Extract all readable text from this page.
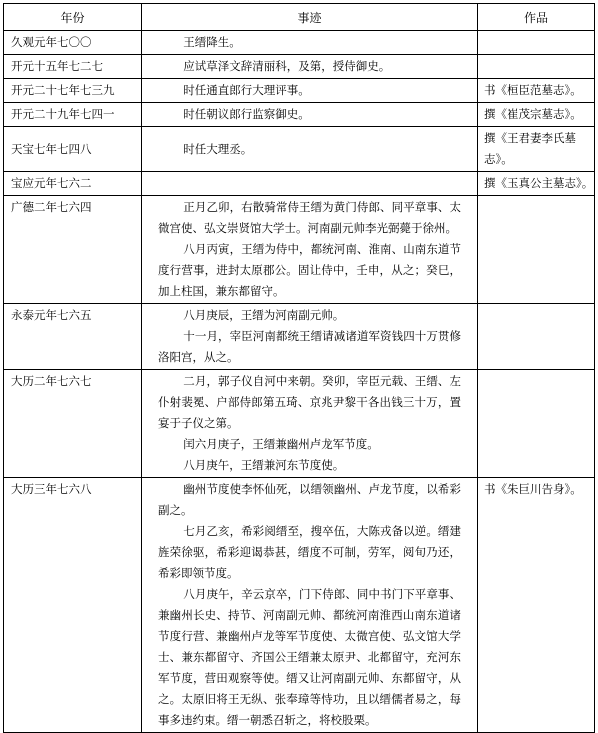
年份	事迹	作品
久观元年七〇〇	王缙降生。	

开元十五年七二七	应试草泽文辞清丽科，及第，授侍御史。	

开元二十七年七三九	时任通直郎行大理评事。	书《桓臣范墓志》。
开元二十九年七四一	时任朝议郎行监察御史。	撰《崔茂宗墓志》。
天宝七年七四八	时任大理丞。	撰《王君妻李氏墓志》。
宝应元年七六二		撰《玉真公主墓志》。
广德二年七六四	正月乙卯，右散骑常侍王缙为黄门侍郎、同平章事、太微宫使、弘文崇贤馆大学士。河南副元帅李光弼薨于徐州。

八月丙寅，王缙为侍中，都统河南、淮南、山南东道节度行营事，进封太原郡公。固让侍中，壬申，从之；癸巳，加上柱国，兼东都留守。	

永泰元年七六五	八月庚辰，王缙为河南副元帅。

十一月，宰臣河南都统王缙请减诸道军资钱四十万贯修洛阳宫，从之。	

大历二年七六七	二月，郭子仪自河中来朝。癸卯，宰臣元载、王缙、左仆射裴冕、户部侍郎第五琦、京兆尹黎干各出钱三十万，置宴于子仪之第。

闰六月庚子，王缙兼幽州卢龙军节度。

八月庚午，王缙兼河东节度使。	

大历三年七六八	幽州节度使李怀仙死，以缙领幽州、卢龙节度，以希彩副之。

七月乙亥，希彩阅缙至，搜卒伍，大陈戎备以逆。缙建旌荣徐驱，希彩迎谒恭甚，缙度不可制，劳军，阅旬乃还，希彩即领节度。

八月庚午，辛云京卒，门下侍郎、同中书门下平章事、兼幽州长史、持节、河南副元帅、都统河南淮西山南东道诸节度行营、兼幽州卢龙等军节度使、太微宫使、弘文馆大学士、兼东都留守、齐国公王缙兼太原尹、北都留守，充河东军节度，营田观察等使。缙又让河南副元帅、东都留守，从之。太原旧将王无纵、张奉璋等恃功，且以缙儒者易之，每事多违约束。缙一朝悉召斩之，将校股栗。	书《朱巨川告身》。
